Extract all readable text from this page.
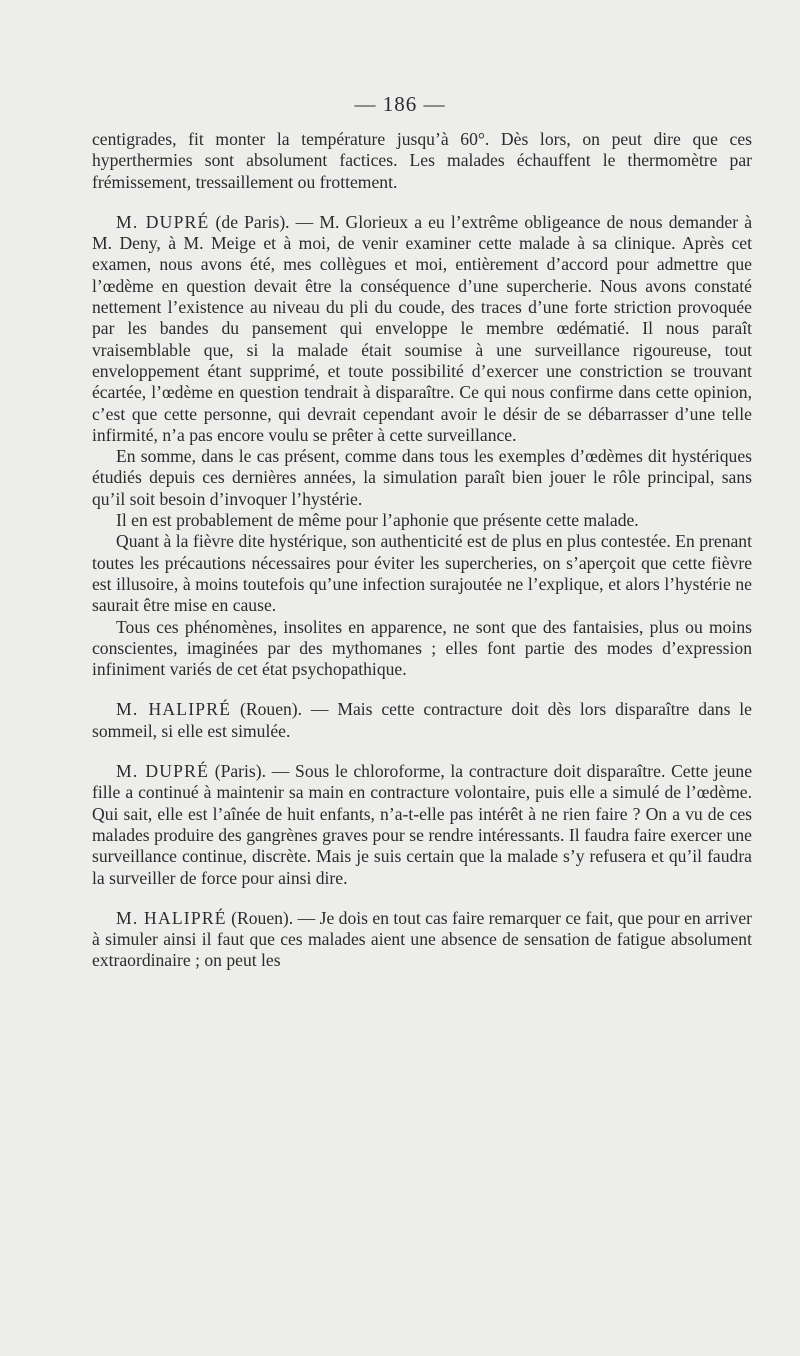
— 186 —

centigrades, fit monter la température jusqu’à 60°. Dès lors, on peut dire que ces hyperthermies sont absolument factices. Les malades échauffent le thermomètre par frémissement, tressaillement ou frottement.

M. DUPRÉ (de Paris). — M. Glorieux a eu l’extrême obligeance de nous demander à M. Deny, à M. Meige et à moi, de venir examiner cette malade à sa clinique. Après cet examen, nous avons été, mes collègues et moi, entièrement d’accord pour admettre que l’œdème en question devait être la conséquence d’une supercherie. Nous avons constaté nettement l’existence au niveau du pli du coude, des traces d’une forte striction provoquée par les bandes du pansement qui enveloppe le membre œdématié. Il nous paraît vraisemblable que, si la malade était soumise à une surveillance rigoureuse, tout enveloppement étant supprimé, et toute possibilité d’exercer une constriction se trouvant écartée, l’œdème en question tendrait à disparaître. Ce qui nous confirme dans cette opinion, c’est que cette personne, qui devrait cependant avoir le désir de se débarrasser d’une telle infirmité, n’a pas encore voulu se prêter à cette surveillance.

En somme, dans le cas présent, comme dans tous les exemples d’œdèmes dit hystériques étudiés depuis ces dernières années, la simulation paraît bien jouer le rôle principal, sans qu’il soit besoin d’invoquer l’hystérie.

Il en est probablement de même pour l’aphonie que présente cette malade.

Quant à la fièvre dite hystérique, son authenticité est de plus en plus contestée. En prenant toutes les précautions nécessaires pour éviter les supercheries, on s’aperçoit que cette fièvre est illusoire, à moins toutefois qu’une infection surajoutée ne l’explique, et alors l’hystérie ne saurait être mise en cause.

Tous ces phénomènes, insolites en apparence, ne sont que des fantaisies, plus ou moins conscientes, imaginées par des mythomanes ; elles font partie des modes d’expression infiniment variés de cet état psychopathique.

M. HALIPRÉ (Rouen). — Mais cette contracture doit dès lors disparaître dans le sommeil, si elle est simulée.

M. DUPRÉ (Paris). — Sous le chloroforme, la contracture doit disparaître. Cette jeune fille a continué à maintenir sa main en contracture volontaire, puis elle a simulé de l’œdème. Qui sait, elle est l’aînée de huit enfants, n’a-t-elle pas intérêt à ne rien faire ? On a vu de ces malades produire des gangrènes graves pour se rendre intéressants. Il faudra faire exercer une surveillance continue, discrète. Mais je suis certain que la malade s’y refusera et qu’il faudra la surveiller de force pour ainsi dire.

M. HALIPRÉ (Rouen). — Je dois en tout cas faire remarquer ce fait, que pour en arriver à simuler ainsi il faut que ces malades aient une absence de sensation de fatigue absolument extraordinaire ; on peut les
